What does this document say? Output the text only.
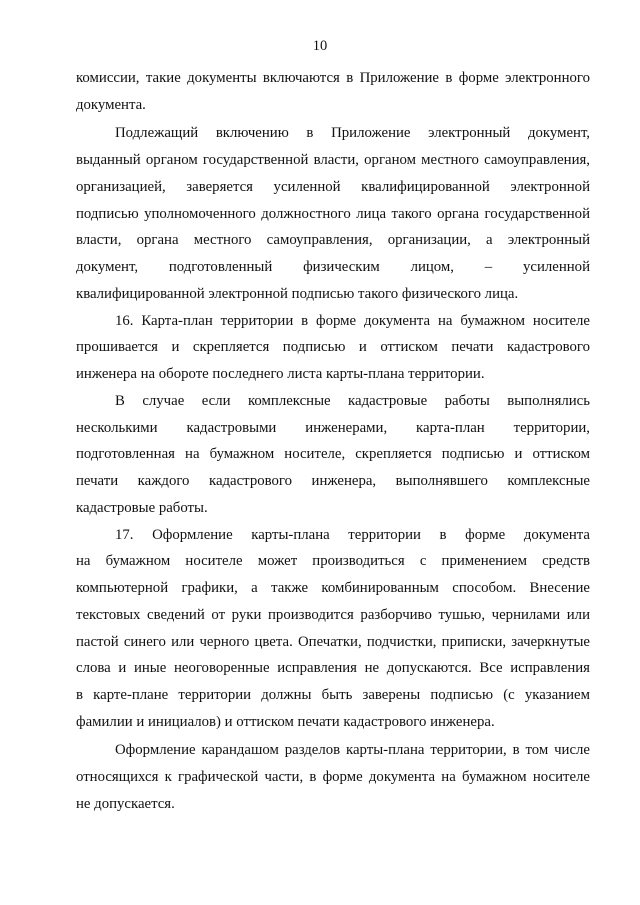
10
комиссии, такие документы включаются в Приложение в форме электронного
документа.
Подлежащий включению в Приложение электронный документ,
выданный органом государственной власти, органом местного самоуправления,
организацией, заверяется усиленной квалифицированной электронной
подписью уполномоченного должностного лица такого органа государственной
власти, органа местного самоуправления, организации, а электронный
документ, подготовленный физическим лицом, – усиленной
квалифицированной электронной подписью такого физического лица.
16. Карта-план территории в форме документа на бумажном носителе
прошивается и скрепляется подписью и оттиском печати кадастрового
инженера на обороте последнего листа карты-плана территории.
В случае если комплексные кадастровые работы выполнялись
несколькими кадастровыми инженерами, карта-план территории,
подготовленная на бумажном носителе, скрепляется подписью и оттиском
печати каждого кадастрового инженера, выполнявшего комплексные
кадастровые работы.
17. Оформление карты-плана территории в форме документа
на бумажном носителе может производиться с применением средств
компьютерной графики, а также комбинированным способом. Внесение
текстовых сведений от руки производится разборчиво тушью, чернилами или
пастой синего или черного цвета. Опечатки, подчистки, приписки, зачеркнутые
слова и иные неоговоренные исправления не допускаются. Все исправления
в карте-плане территории должны быть заверены подписью (с указанием
фамилии и инициалов) и оттиском печати кадастрового инженера.
Оформление карандашом разделов карты-плана территории, в том числе
относящихся к графической части, в форме документа на бумажном носителе
не допускается.
